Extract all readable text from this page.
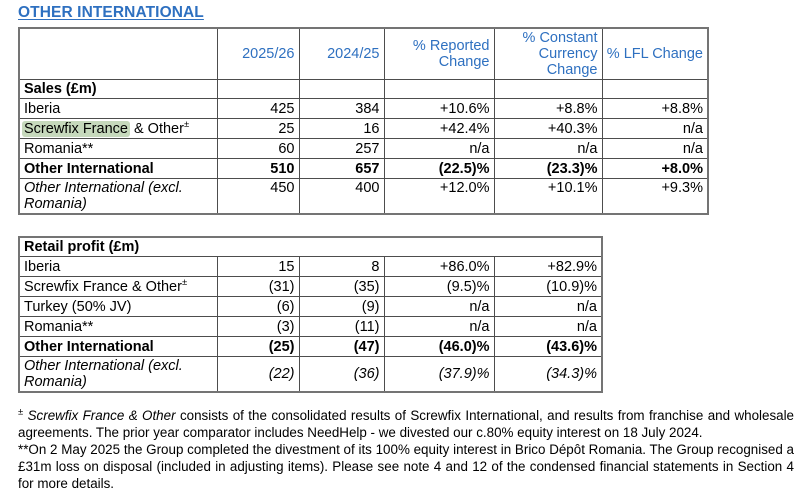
OTHER INTERNATIONAL
	2025/26	2024/25	% Reported Change	% Constant Currency Change	% LFL Change
Sales (£m)					
Iberia	425	384	+10.6%	+8.8%	+8.8%
Screwfix France & Other±	25	16	+42.4%	+40.3%	n/a
Romania**	60	257	n/a	n/a	n/a
Other International	510	657	(22.5)%	(23.3)%	+8.0%
Other International (excl. Romania)	450	400	+12.0%	+10.1%	+9.3%
Retail profit (£m)				
Iberia	15	8	+86.0%	+82.9%
Screwfix France & Other±	(31)	(35)	(9.5)%	(10.9)%
Turkey (50% JV)	(6)	(9)	n/a	n/a
Romania**	(3)	(11)	n/a	n/a
Other International	(25)	(47)	(46.0)%	(43.6)%
Other International (excl. Romania)	(22)	(36)	(37.9)%	(34.3)%

± Screwfix France & Other consists of the consolidated results of Screwfix International, and results from franchise and wholesale agreements. The prior year comparator includes NeedHelp - we divested our c.80% equity interest on 18 July 2024.

**On 2 May 2025 the Group completed the divestment of its 100% equity interest in Brico Dépôt Romania. The Group recognised a £31m loss on disposal (included in adjusting items). Please see note 4 and 12 of the condensed financial statements in Section 4 for more details.
